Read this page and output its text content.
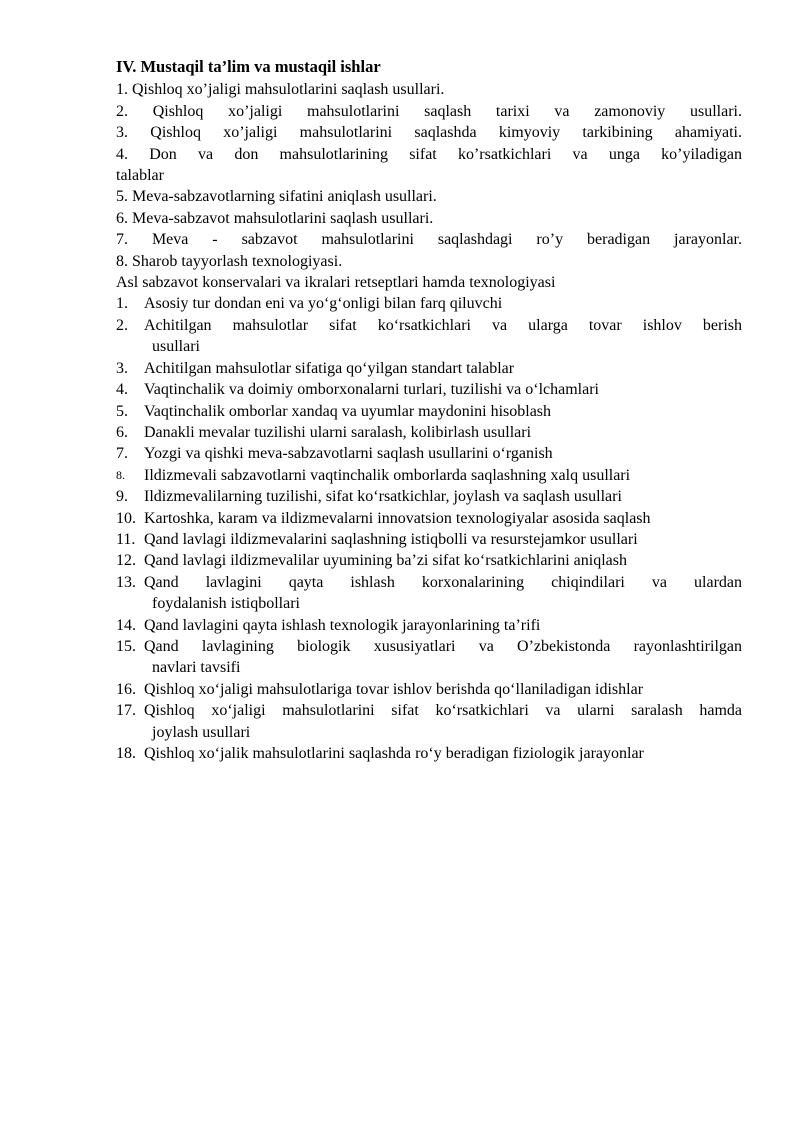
IV. Mustaqil ta’lim va mustaqil ishlar
1. Qishloq xo’jaligi mahsulotlarini saqlash usullari.
2. Qishloq xo’jaligi mahsulotlarini saqlash tarixi va zamonoviy usullari.
3. Qishloq xo’jaligi mahsulotlarini saqlashda kimyoviy tarkibining ahamiyati.
4. Don va don mahsulotlarining sifat ko’rsatkichlari va unga ko’yiladigan
talablar
5. Meva-sabzavotlarning sifatini aniqlash usullari.
6. Meva-sabzavot mahsulotlarini saqlash usullari.
7. Meva - sabzavot mahsulotlarini saqlashdagi ro’y beradigan jarayonlar.
8. Sharob tayyorlash texnologiyasi.
Asl sabzavot konservalari va ikralari retseptlari hamda texnologiyasi
1.	Asosiy tur dondan eni va yo‘g‘onligi bilan farq qiluvchi
2.	Achitilgan mahsulotlar sifat ko‘rsatkichlari va ularga tovar ishlov berish
usullari
3.	Achitilgan mahsulotlar sifatiga qo‘yilgan standart talablar
4.	Vaqtinchalik va doimiy omborxonalarni turlari, tuzilishi va o‘lchamlari
5.	Vaqtinchalik omborlar xandaq va uyumlar maydonini hisoblash
6.	Danakli mevalar tuzilishi ularni saralash, kolibirlash usullari
7.	Yozgi va qishki meva-sabzavotlarni saqlash usullarini o‘rganish
8.	Ildizmevali sabzavotlarni vaqtinchalik omborlarda saqlashning xalq usullari
9.	Ildizmevalilarning tuzilishi, sifat ko‘rsatkichlar, joylash va saqlash usullari
10. Kartoshka, karam va ildizmevalarni innovatsion texnologiyalar asosida saqlash
11. Qand lavlagi ildizmevalarini saqlashning istiqbolli va resurstejamkor usullari
12. Qand lavlagi ildizmevalilar uyumining ba’zi sifat ko‘rsatkichlarini aniqlash
13. Qand lavlagini qayta ishlash korxonalarining chiqindilari va ulardan
foydalanish istiqbollari
14. Qand lavlagini qayta ishlash texnologik jarayonlarining ta’rifi
15. Qand lavlagining biologik xususiyatlari va O’zbekistonda rayonlashtirilgan
navlari tavsifi
16. Qishloq xo‘jaligi mahsulotlariga tovar ishlov berishda qo‘llaniladigan idishlar
17. Qishloq xo‘jaligi mahsulotlarini sifat ko‘rsatkichlari va ularni saralash hamda
joylash usullari
18. Qishloq xo‘jalik mahsulotlarini saqlashda ro‘y beradigan fiziologik jarayonlar
